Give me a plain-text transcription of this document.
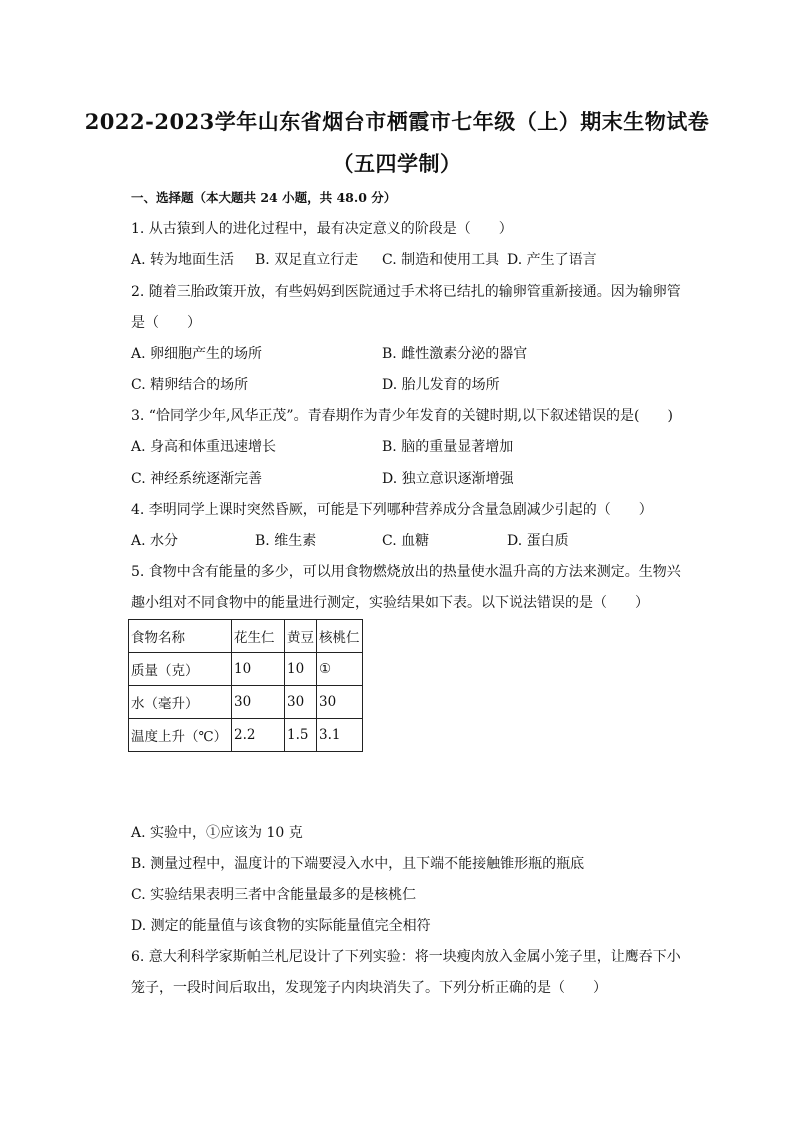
2022-2023学年山东省烟台市栖霞市七年级（上）期末生物试卷
（五四学制）
一、选择题（本大题共 24 小题，共 48.0 分）
1. 从古猿到人的进化过程中，最有决定意义的阶段是（　　）
A. 转为地面生活 B. 双足直立行走 C. 制造和使用工具 D. 产生了语言
2. 随着三胎政策开放，有些妈妈到医院通过手术将已结扎的输卵管重新接通。因为输卵管
是（　　）
A. 卵细胞产生的场所	B. 雌性激素分泌的器官
C. 精卵结合的场所	D. 胎儿发育的场所
3. “恰同学少年,风华正茂”。青春期作为青少年发育的关键时期,以下叙述错误的是(　　)
A. 身高和体重迅速增长	B. 脑的重量显著增加
C. 神经系统逐渐完善	D. 独立意识逐渐增强
4. 李明同学上课时突然昏厥，可能是下列哪种营养成分含量急剧减少引起的（　　）
A. 水分	B. 维生素	C. 血糖	D. 蛋白质
5. 食物中含有能量的多少，可以用食物燃烧放出的热量使水温升高的方法来测定。生物兴
趣小组对不同食物中的能量进行测定，实验结果如下表。以下说法错误的是（　　）
食物名称	花生仁	黄豆	核桃仁
质量（克）	10	10	①
水（毫升）	30	30	30
温度上升（℃）	2.2	1.5	3.1
A. 实验中，①应该为 10 克
B. 测量过程中，温度计的下端要浸入水中，且下端不能接触锥形瓶的瓶底
C. 实验结果表明三者中含能量最多的是核桃仁
D. 测定的能量值与该食物的实际能量值完全相符
6. 意大利科学家斯帕兰札尼设计了下列实验：将一块瘦肉放入金属小笼子里，让鹰吞下小
笼子，一段时间后取出，发现笼子内肉块消失了。下列分析正确的是（　　）
